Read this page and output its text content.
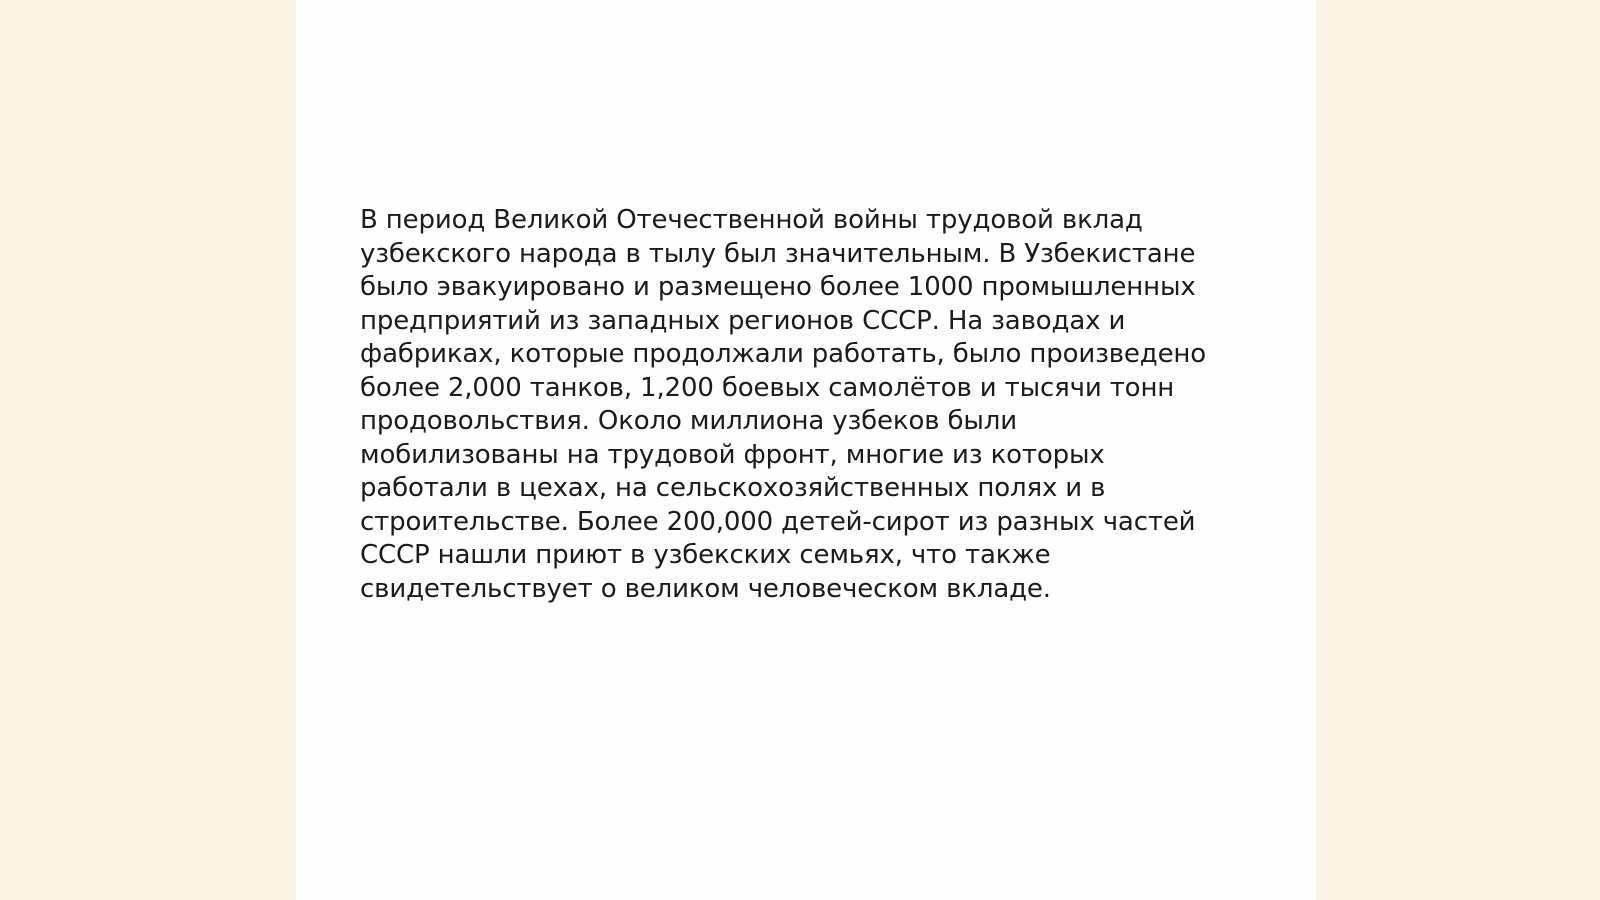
В период Великой Отечественной войны трудовой вклад
узбекского народа в тылу был значительным. В Узбекистане
было эвакуировано и размещено более 1000 промышленных
предприятий из западных регионов СССР. На заводах и
фабриках, которые продолжали работать, было произведено
более 2,000 танков, 1,200 боевых самолётов и тысячи тонн
продовольствия. Около миллиона узбеков были
мобилизованы на трудовой фронт, многие из которых
работали в цехах, на сельскохозяйственных полях и в
строительстве. Более 200,000 детей-сирот из разных частей
СССР нашли приют в узбекских семьях, что также
свидетельствует о великом человеческом вкладе.
